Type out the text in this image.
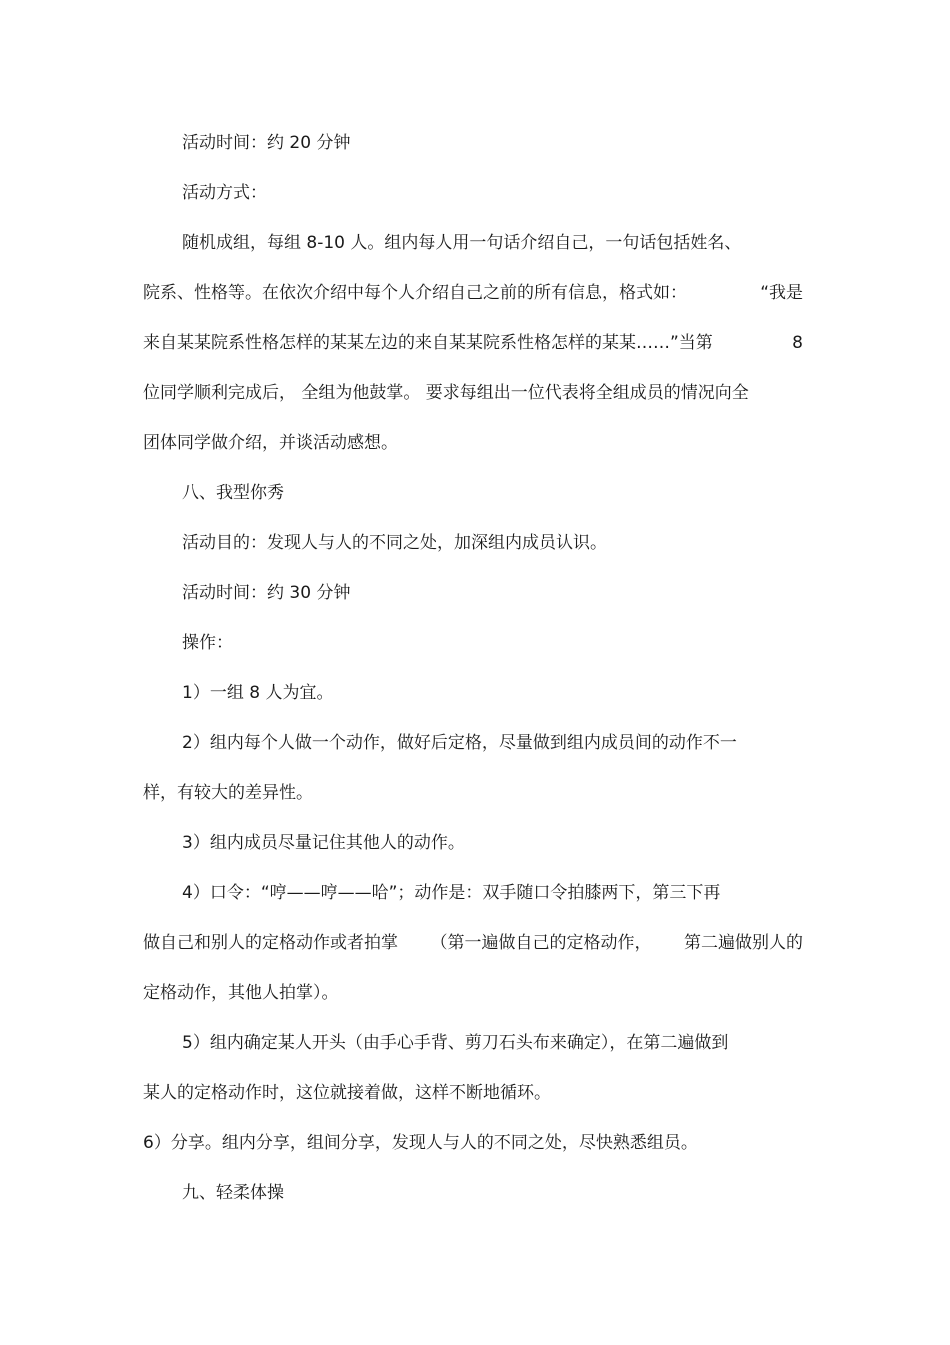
活动时间：约 20 分钟

活动方式：

随机成组，每组 8-10 人。组内每人用一句话介绍自己，一句话包括姓名、

院系、性格等。在依次介绍中每个人介绍自己之前的所有信息，格式如：	“我是

来自某某院系性格怎样的某某左边的来自某某院系性格怎样的某某……”当第	8

位同学顺利完成后， 全组为他鼓掌。 要求每组出一位代表将全组成员的情况向全

团体同学做介绍，并谈活动感想。

八、我型你秀

活动目的：发现人与人的不同之处，加深组内成员认识。

活动时间：约 30 分钟

操作：

1）一组 8 人为宜。

2）组内每个人做一个动作，做好后定格，尽量做到组内成员间的动作不一

样，有较大的差异性。

3）组内成员尽量记住其他人的动作。

4）口令：“哼——哼——哈”；动作是：双手随口令拍膝两下，第三下再

做自己和别人的定格动作或者拍掌 （第一遍做自己的定格动作， 第二遍做别人的

定格动作，其他人拍掌）。

5）组内确定某人开头（由手心手背、剪刀石头布来确定），在第二遍做到

某人的定格动作时，这位就接着做，这样不断地循环。

6）分享。组内分享，组间分享，发现人与人的不同之处，尽快熟悉组员。

九、轻柔体操
